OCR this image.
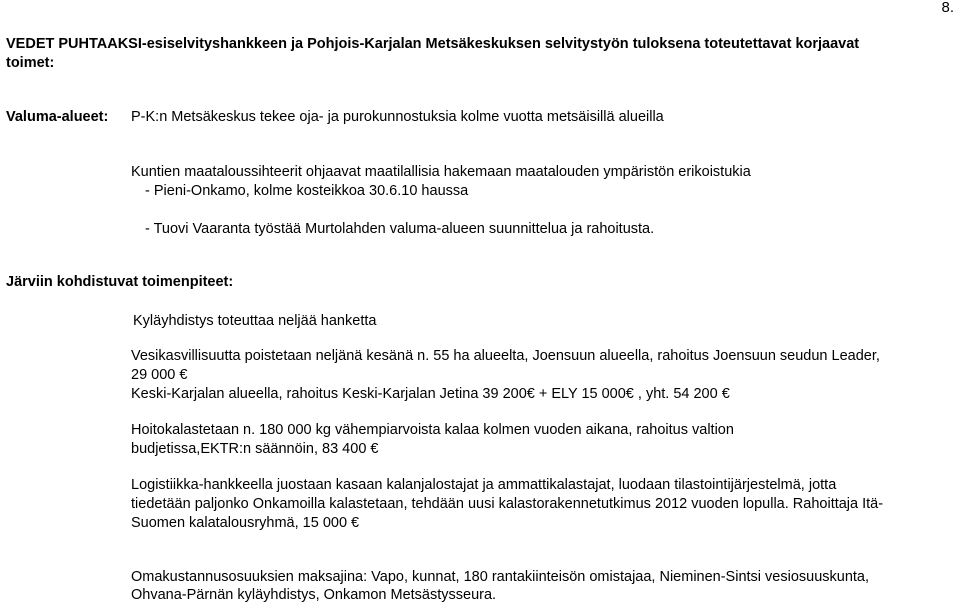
8.
VEDET PUHTAAKSI-esiselvityshankkeen ja Pohjois-Karjalan Metsäkeskuksen selvitystyön tuloksena toteutettavat korjaavat
toimet:
Valuma-alueet: P-K:n Metsäkeskus tekee oja- ja purokunnostuksia kolme vuotta metsäisillä alueilla
Kuntien maataloussihteerit ohjaavat maatilallisia hakemaan maatalouden ympäristön erikoistukia
- Pieni-Onkamo, kolme kosteikkoa 30.6.10 haussa
- Tuovi Vaaranta työstää Murtolahden valuma-alueen suunnittelua ja rahoitusta.
Järviin kohdistuvat toimenpiteet:
Kyläyhdistys toteuttaa neljää hanketta
Vesikasvillisuutta poistetaan neljänä kesänä n. 55 ha alueelta, Joensuun alueella, rahoitus Joensuun seudun Leader,
29 000 €
Keski-Karjalan alueella, rahoitus Keski-Karjalan Jetina 39 200€ + ELY 15 000€ , yht. 54 200 €
Hoitokalastetaan n. 180 000 kg vähempiarvoista kalaa kolmen vuoden aikana, rahoitus valtion
budjetissa,EKTR:n säännöin, 83 400 €
Logistiikka-hankkeella juostaan kasaan kalanjalostajat ja ammattikalastajat, luodaan tilastointijärjestelmä, jotta
tiedetään paljonko Onkamoilla kalastetaan, tehdään uusi kalastorakennetutkimus 2012 vuoden lopulla. Rahoittaja Itä-
Suomen kalatalousryhmä, 15 000 €
Omakustannusosuuksien maksajina: Vapo, kunnat, 180 rantakiinteisön omistajaa, Nieminen-Sintsi vesiosuuskunta,
Ohvana-Pärnän kyläyhdistys, Onkamon Metsästysseura.
